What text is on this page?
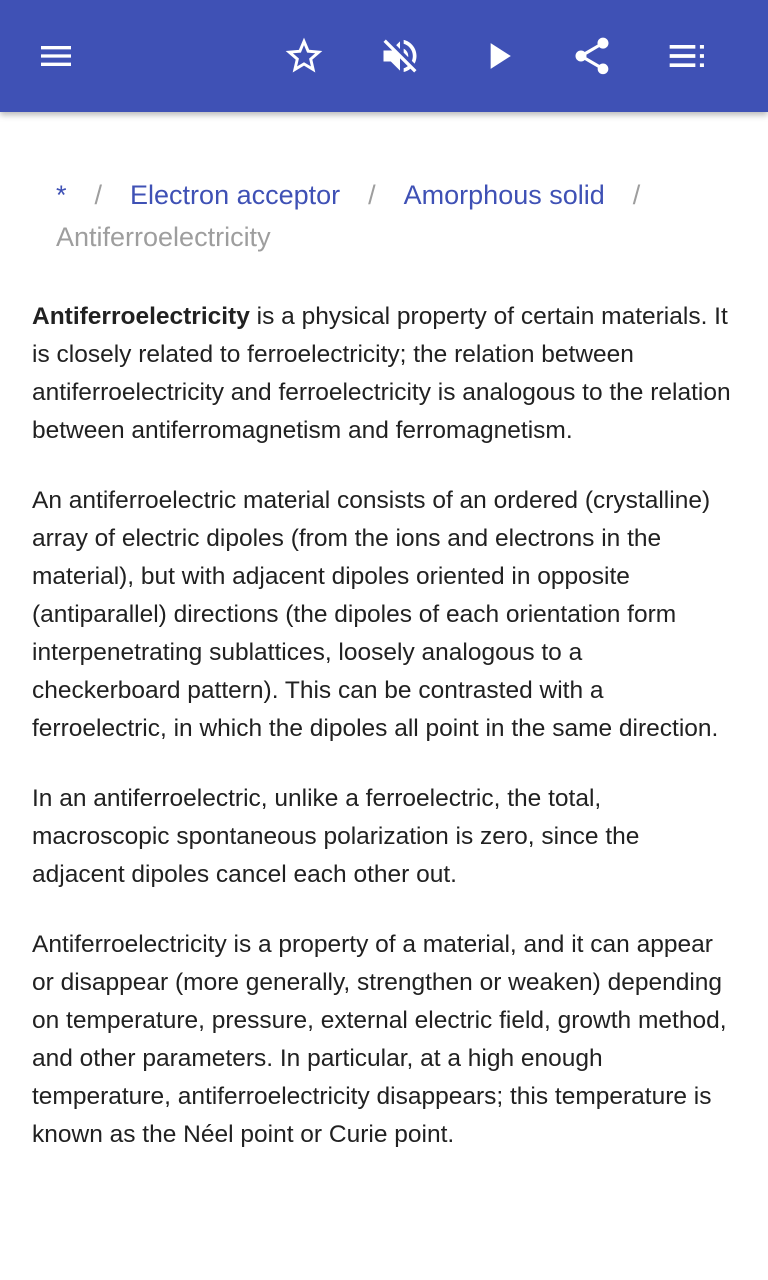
* / Electron acceptor / Amorphous solid /
Antiferroelectricity

Antiferroelectricity is a physical property of certain materials. It is closely related to ferroelectricity; the relation between antiferroelectricity and ferroelectricity is analogous to the relation between antiferromagnetism and ferromagnetism.

An antiferroelectric material consists of an ordered (crystalline) array of electric dipoles (from the ions and electrons in the material), but with adjacent dipoles oriented in opposite (antiparallel) directions (the dipoles of each orientation form interpenetrating sublattices, loosely analogous to a checkerboard pattern). This can be contrasted with a ferroelectric, in which the dipoles all point in the same direction.

In an antiferroelectric, unlike a ferroelectric, the total, macroscopic spontaneous polarization is zero, since the adjacent dipoles cancel each other out.

Antiferroelectricity is a property of a material, and it can appear or disappear (more generally, strengthen or weaken) depending on temperature, pressure, external electric field, growth method, and other parameters. In particular, at a high enough temperature, antiferroelectricity disappears; this temperature is known as the Néel point or Curie point.
